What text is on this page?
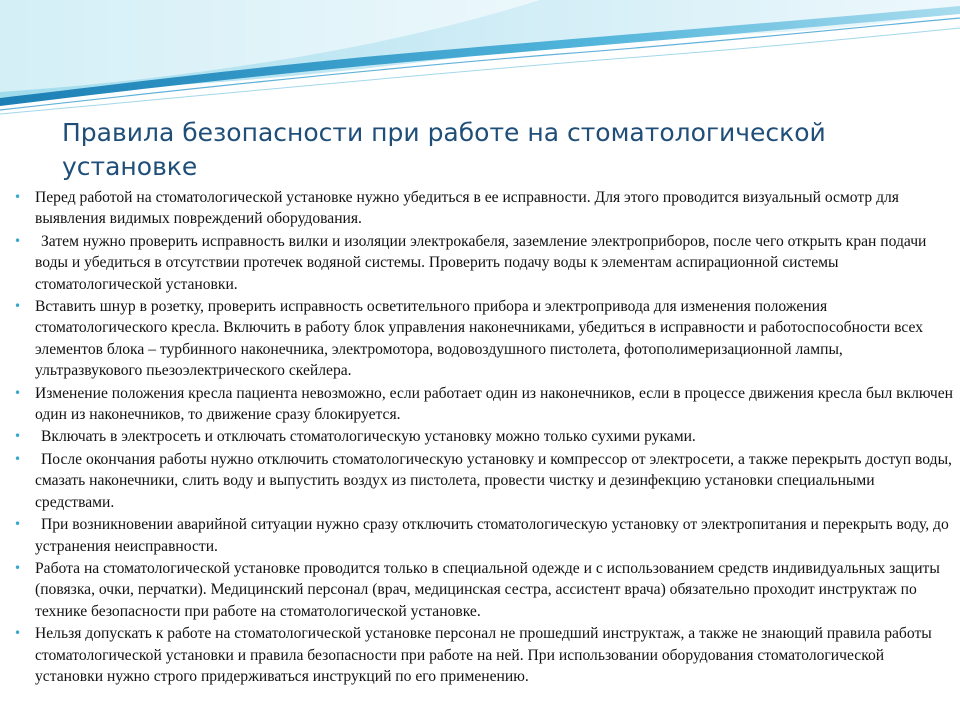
Правила безопасности при работе на стоматологической установке
• Перед работой на стоматологической установке нужно убедиться в ее исправности. Для этого проводится визуальный осмотр для выявления видимых повреждений оборудования.
•	Затем нужно проверить исправность вилки и изоляции электрокабеля, заземление электроприборов, после чего открыть кран подачи воды и убедиться в отсутствии протечек водяной системы. Проверить подачу воды к элементам аспирационной системы стоматологической установки.
• Вставить шнур в розетку, проверить исправность осветительного прибора и электропривода для изменения положения стоматологического кресла. Включить в работу блок управления наконечниками, убедиться в исправности и работоспособности всех элементов блока – турбинного наконечника, электромотора, водовоздушного пистолета, фотополимеризационной лампы, ультразвукового пьезоэлектрического скейлера.
• Изменение положения кресла пациента невозможно, если работает один из наконечников, если в процессе движения кресла был включен один из наконечников, то движение сразу блокируется.
•	Включать в электросеть и отключать стоматологическую установку можно только сухими руками.
•	После окончания работы нужно отключить стоматологическую установку и компрессор от электросети, а также перекрыть доступ воды, смазать наконечники, слить воду и выпустить воздух из пистолета, провести чистку и дезинфекцию установки специальными средствами.
•	При возникновении аварийной ситуации нужно сразу отключить стоматологическую установку от электропитания и перекрыть воду, до устранения неисправности.
• Работа на стоматологической установке проводится только в специальной одежде и с использованием средств индивидуальных защиты (повязка, очки, перчатки). Медицинский персонал (врач, медицинская сестра, ассистент врача) обязательно проходит инструктаж по технике безопасности при работе на стоматологической установке.
• Нельзя допускать к работе на стоматологической установке персонал не прошедший инструктаж, а также не знающий правила работы стоматологической установки и правила безопасности при работе на ней. При использовании оборудования стоматологической установки нужно строго придерживаться инструкций по его применению.
